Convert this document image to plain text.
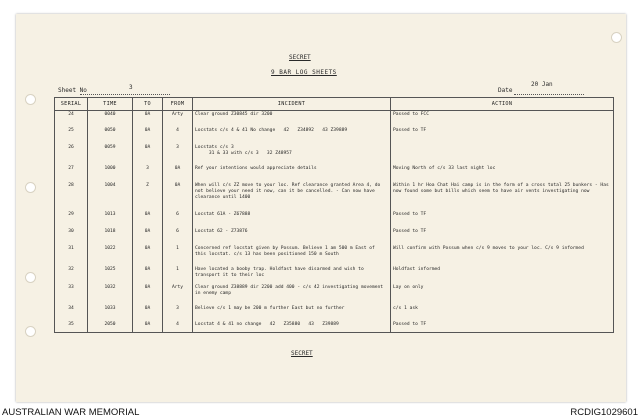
SECRET
9 BAR LOG SHEETS
Sheet No	3	Date
20 Jan
SECRET
SERIAL	TIME	TO	FROM	INCIDENT	ACTION
24	0040	0A	Arty	Clear ground Z30845 dir 3200	Passed to FCC
25	0050	0A	4	Locstats c/s 4 & 41 No change   42   Z34892   43 Z39889	Passed to TF
26	0059	0A	3	Locstats c/s 3
31 & 33 with c/s 3   32 Z48957	
27	1000	3	0A	Ref your intentions would appreciate details	Moving North of c/s 33 last night loc
28	1004	Z	0A	When will c/s ZZ move to your loc. Ref clearance granted Area 4, do not believe your need it now, can it be cancelled. - Can now have clearance until 1400	Within 1 hr Hoa Chat Hai camp is in the form of a cross total 25 bunkers - Has now found some but bills which seem to have air vents investigating now
29	1013	0A	6	Locstat 61A - Z67888	Passed to TF
30	1018	0A	6	Locstat 62 - Z73876	Passed to TF
31	1022	0A	1	Concerned ref locstat given by Possum. Believe 1 am 500 m East of this locstat. c/s 13 has been positioned 150 m South	Will confirm with Possum when c/s 9 moves to your loc. C/s 9 informed
32	1025	0A	1	Have located a booby trap. Holdfast have disarmed and wish to transport it to their loc	Holdfast informed
33	1032	0A	Arty	Clear ground Z38889 dir 2200 add 400 - c/s 42 investigating movement in enemy camp	Lay on only
34	1033	0A	3	Believe c/s 1 may be 200 m further East but no further	c/s 1 ask
35	2050	0A	4	Locstat 4 & 41 no change   42   Z35880   43   Z39889	Passed to TF
AUSTRALIAN WAR MEMORIAL	RCDIG1029601
